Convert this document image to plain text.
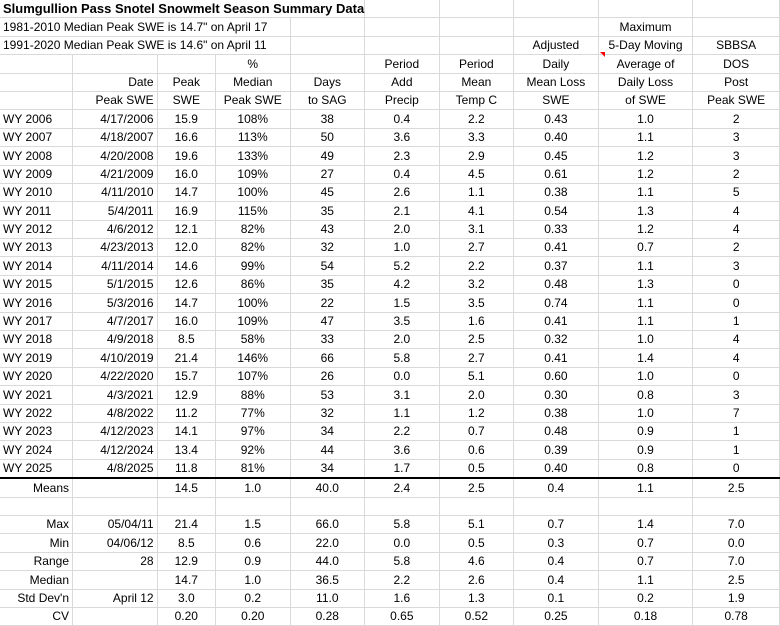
Slumgullion Pass Snotel Snowmelt Season Summary Data									
1981-2010 Median Peak SWE is 14.7" on April 17								Maximum	
1991-2020 Median Peak SWE is 14.6" on April 11							Adjusted	5-Day Moving	SBBSA
			%		Period	Period	Daily	Average of	DOS
	Date	Peak	Median	Days	Add	Mean	Mean Loss	Daily Loss	Post
	Peak SWE	SWE	Peak SWE	to SAG	Precip	Temp C	SWE	of SWE	Peak SWE
WY 2006	4/17/2006	15.9	108%	38	0.4	2.2	0.43	1.0	2
WY 2007	4/18/2007	16.6	113%	50	3.6	3.3	0.40	1.1	3
WY 2008	4/20/2008	19.6	133%	49	2.3	2.9	0.45	1.2	3
WY 2009	4/21/2009	16.0	109%	27	0.4	4.5	0.61	1.2	2
WY 2010	4/11/2010	14.7	100%	45	2.6	1.1	0.38	1.1	5
WY 2011	5/4/2011	16.9	115%	35	2.1	4.1	0.54	1.3	4
WY 2012	4/6/2012	12.1	82%	43	2.0	3.1	0.33	1.2	4
WY 2013	4/23/2013	12.0	82%	32	1.0	2.7	0.41	0.7	2
WY 2014	4/11/2014	14.6	99%	54	5.2	2.2	0.37	1.1	3
WY 2015	5/1/2015	12.6	86%	35	4.2	3.2	0.48	1.3	0
WY 2016	5/3/2016	14.7	100%	22	1.5	3.5	0.74	1.1	0
WY 2017	4/7/2017	16.0	109%	47	3.5	1.6	0.41	1.1	1
WY 2018	4/9/2018	8.5	58%	33	2.0	2.5	0.32	1.0	4
WY 2019	4/10/2019	21.4	146%	66	5.8	2.7	0.41	1.4	4
WY 2020	4/22/2020	15.7	107%	26	0.0	5.1	0.60	1.0	0
WY 2021	4/3/2021	12.9	88%	53	3.1	2.0	0.30	0.8	3
WY 2022	4/8/2022	11.2	77%	32	1.1	1.2	0.38	1.0	7
WY 2023	4/12/2023	14.1	97%	34	2.2	0.7	0.48	0.9	1
WY 2024	4/12/2024	13.4	92%	44	3.6	0.6	0.39	0.9	1
WY 2025	4/8/2025	11.8	81%	34	1.7	0.5	0.40	0.8	0
Means		14.5	1.0	40.0	2.4	2.5	0.4	1.1	2.5

Max	05/04/11	21.4	1.5	66.0	5.8	5.1	0.7	1.4	7.0
Min	04/06/12	8.5	0.6	22.0	0.0	0.5	0.3	0.7	0.0
Range	28	12.9	0.9	44.0	5.8	4.6	0.4	0.7	7.0
Median		14.7	1.0	36.5	2.2	2.6	0.4	1.1	2.5
Std Dev'n	April 12	3.0	0.2	11.0	1.6	1.3	0.1	0.2	1.9
CV		0.20	0.20	0.28	0.65	0.52	0.25	0.18	0.78
